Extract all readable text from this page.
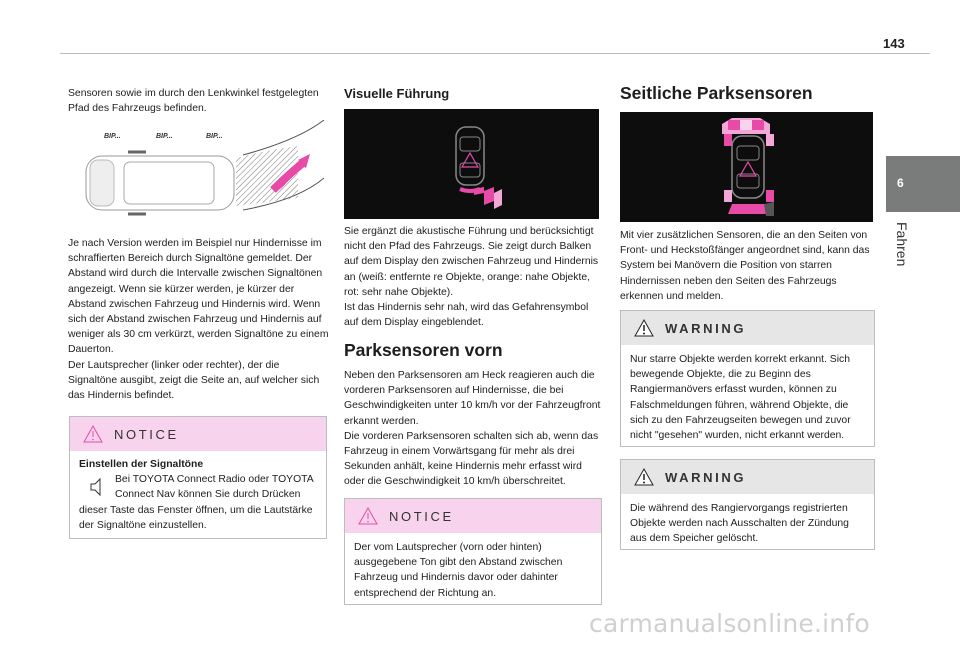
143
6
Fahren

Sensoren sowie im durch den Lenkwinkel festgelegten Pfad des Fahrzeugs befinden.

BIP...	BIP...	BIP...

Je nach Version werden im Beispiel nur Hindernisse im schraffierten Bereich durch Signaltöne gemeldet. Der Abstand wird durch die Intervalle zwischen Signaltönen angezeigt. Wenn sie kürzer werden, je kürzer der Abstand zwischen Fahrzeug und Hindernis wird. Wenn sich der Abstand zwischen Fahrzeug und Hindernis auf weniger als 30 cm verkürzt, werden Signaltöne zu einem Dauerton.

Der Lautsprecher (linker oder rechter), der die Signaltöne ausgibt, zeigt die Seite an, auf welcher sich das Hindernis befindet.

NOTICE
Einstellen der Signaltöne
Bei TOYOTA Connect Radio oder TOYOTA Connect Nav können Sie durch Drücken
dieser Taste das Fenster öffnen, um die Lautstärke der Signaltöne einzustellen.

Visuelle Führung

Sie ergänzt die akustische Führung und berücksichtigt nicht den Pfad des Fahrzeugs. Sie zeigt durch Balken auf dem Display den zwischen Fahrzeug und Hindernis an (weiß: entfernte re Objekte, orange: nahe Objekte, rot: sehr nahe Objekte).

Ist das Hindernis sehr nah, wird das Gefahrensymbol auf dem Display eingeblendet.

Parksensoren vorn

Neben den Parksensoren am Heck reagieren auch die vorderen Parksensoren auf Hindernisse, die bei Geschwindigkeiten unter 10 km/h vor der Fahrzeugfront erkannt werden.

Die vorderen Parksensoren schalten sich ab, wenn das Fahrzeug in einem Vorwärtsgang für mehr als drei Sekunden anhält, keine Hindernis mehr erfasst wird oder die Geschwindigkeit 10 km/h überschreitet.

NOTICE
Der vom Lautsprecher (vorn oder hinten) ausgegebene Ton gibt den Abstand zwischen Fahrzeug und Hindernis davor oder dahinter entsprechend der Richtung an.

Seitliche Parksensoren

Mit vier zusätzlichen Sensoren, die an den Seiten von Front- und Heckstoßfänger angeordnet sind, kann das System bei Manövern die Position von starren Hindernissen neben den Seiten des Fahrzeugs erkennen und melden.

WARNING
Nur starre Objekte werden korrekt erkannt. Sich bewegende Objekte, die zu Beginn des Rangiermanövers erfasst wurden, können zu Falschmeldungen führen, während Objekte, die sich zu den Fahrzeugseiten bewegen und zuvor nicht "gesehen" wurden, nicht erkannt werden.
WARNING
Die während des Rangiervorgangs registrierten Objekte werden nach Ausschalten der Zündung aus dem Speicher gelöscht.
carmanualsonline.info
